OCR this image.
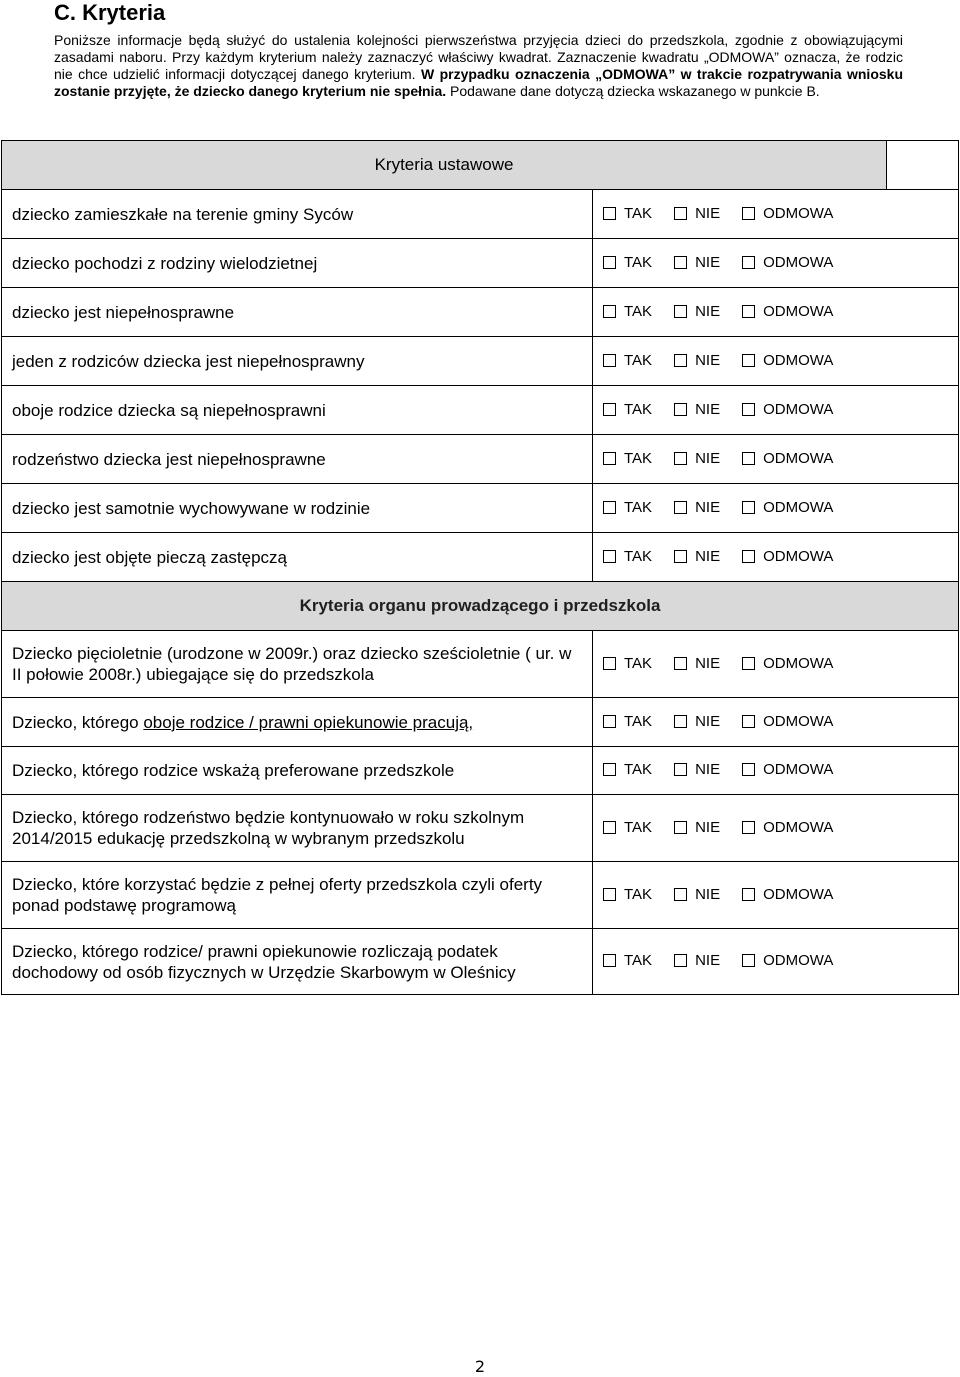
C. Kryteria

Poniższe informacje będą służyć do ustalenia kolejności pierwszeństwa przyjęcia dzieci do przedszkola, zgodnie z obowiązującymi zasadami naboru. Przy każdym kryterium należy zaznaczyć właściwy kwadrat. Zaznaczenie kwadratu „ODMOWA” oznacza, że rodzic nie chce udzielić informacji dotyczącej danego kryterium. W przypadku oznaczenia „ODMOWA” w trakcie rozpatrywania wniosku zostanie przyjęte, że dziecko danego kryterium nie spełnia. Podawane dane dotyczą dziecka wskazanego w punkcie B.

Kryteria ustawowe		
dziecko zamieszkałe na terenie gminy Syców	TAK NIE ODMOWA	

dziecko pochodzi z rodziny wielodzietnej	TAK NIE ODMOWA	

dziecko jest niepełnosprawne	TAK NIE ODMOWA	

jeden z rodziców dziecka jest niepełnosprawny	TAK NIE ODMOWA	

oboje rodzice dziecka są niepełnosprawni	TAK NIE ODMOWA	

rodzeństwo dziecka jest niepełnosprawne	TAK NIE ODMOWA	

dziecko jest samotnie wychowywane w rodzinie	TAK NIE ODMOWA	

dziecko jest objęte pieczą zastępczą	TAK NIE ODMOWA	

Kryteria organu prowadzącego i przedszkola		
Dziecko pięcioletnie (urodzone w 2009r.) oraz dziecko sześcioletnie ( ur. w II połowie 2008r.) ubiegające się do przedszkola	TAK NIE ODMOWA	

Dziecko, którego oboje rodzice / prawni opiekunowie pracują,	TAK NIE ODMOWA	

Dziecko, którego rodzice wskażą preferowane przedszkole	TAK NIE ODMOWA	

Dziecko, którego rodzeństwo będzie kontynuowało w roku szkolnym 2014/2015 edukację przedszkolną w wybranym przedszkolu	TAK NIE ODMOWA	

Dziecko, które korzystać będzie z pełnej oferty przedszkola czyli oferty ponad podstawę programową	TAK NIE ODMOWA	

Dziecko, którego rodzice/ prawni opiekunowie rozliczają podatek dochodowy od osób fizycznych w Urzędzie Skarbowym w Oleśnicy	TAK NIE ODMOWA	
2
